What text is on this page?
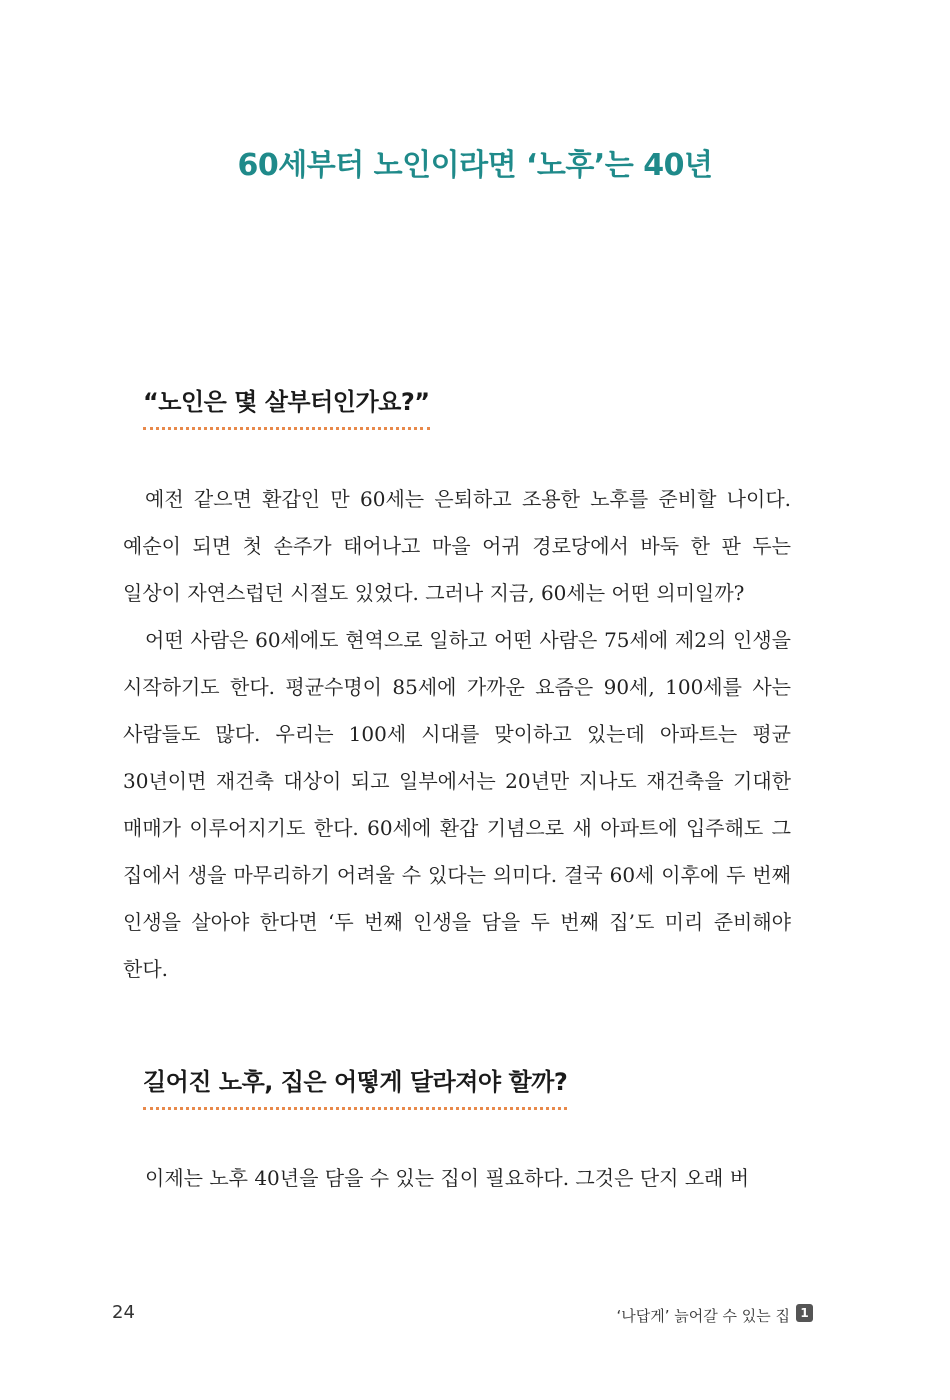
60세부터 노인이라면 ‘노후’는 40년
“노인은 몇 살부터인가요?”

예전 같으면 환갑인 만 60세는 은퇴하고 조용한 노후를 준비할 나이다. 예순이 되면 첫 손주가 태어나고 마을 어귀 경로당에서 바둑 한 판 두는 일상이 자연스럽던 시절도 있었다. 그러나 지금, 60세는 어떤 의미일까?

어떤 사람은 60세에도 현역으로 일하고 어떤 사람은 75세에 제2의 인생을 시작하기도 한다. 평균수명이 85세에 가까운 요즘은 90세, 100세를 사는 사람들도 많다. 우리는 100세 시대를 맞이하고 있는데 아파트는 평균 30년이면 재건축 대상이 되고 일부에서는 20년만 지나도 재건축을 기대한 매매가 이루어지기도 한다. 60세에 환갑 기념으로 새 아파트에 입주해도 그 집에서 생을 마무리하기 어려울 수 있다는 의미다. 결국 60세 이후에 두 번째 인생을 살아야 한다면 ‘두 번째 인생을 담을 두 번째 집’도 미리 준비해야 한다.

길어진 노후, 집은 어떻게 달라져야 할까?

이제는 노후 40년을 담을 수 있는 집이 필요하다. 그것은 단지 오래 버

24	‘나답게’ 늙어갈 수 있는 집 1
